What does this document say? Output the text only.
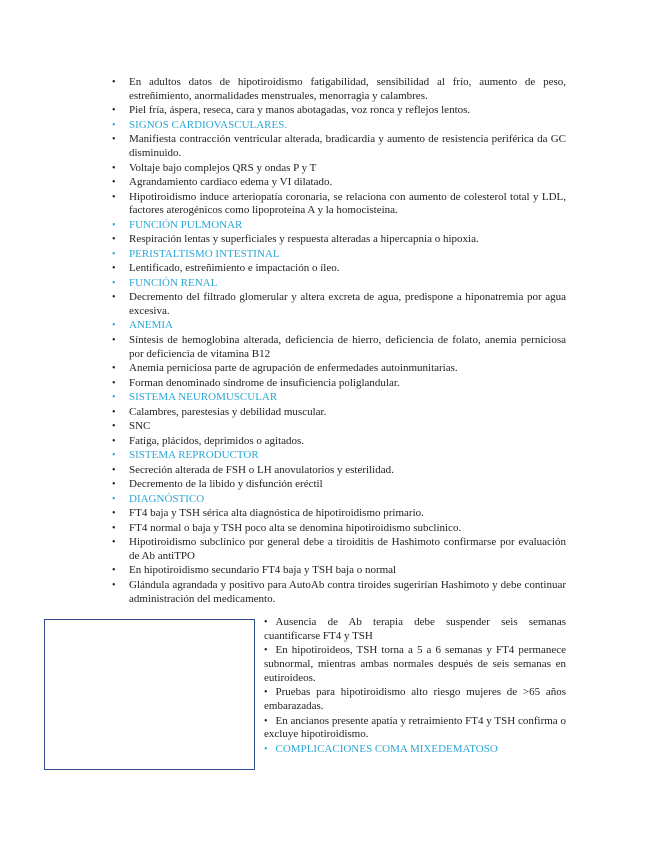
• En adultos datos de hipotiroidismo fatigabilidad, sensibilidad al frío, aumento de peso, estreñimiento, anormalidades menstruales, menorragia y calambres.
• Piel fría, áspera, reseca, cara y manos abotagadas, voz ronca y reflejos lentos.
• SIGNOS CARDIOVASCULARES.
• Manifiesta contracción ventricular alterada, bradicardia y aumento de resistencia periférica da GC disminuido.
• Voltaje bajo complejos QRS y ondas P y T
• Agrandamiento cardiaco edema y VI dilatado.
• Hipotiroidismo induce arteriopatía coronaria, se relaciona con aumento de colesterol total y LDL, factores aterogénicos como lipoproteína A y la homocisteína.
• FUNCIÓN PULMONAR
• Respiración lentas y superficiales y respuesta alteradas a hipercapnia o hipoxia.
• PERISTALTISMO INTESTINAL
• Lentificado, estreñimiento e impactación o íleo.
• FUNCIÓN RENAL
• Decremento del filtrado glomerular y altera excreta de agua, predispone a hiponatremia por agua excesiva.
• ANEMIA
• Síntesis de hemoglobina alterada, deficiencia de hierro, deficiencia de folato, anemia perniciosa por deficiencia de vitamina B12
• Anemia perniciosa parte de agrupación de enfermedades autoinmunitarias.
• Forman denominado síndrome de insuficiencia poliglandular.
• SISTEMA NEUROMUSCULAR
• Calambres, parestesias y debilidad muscular.
• SNC
• Fatiga, plácidos, deprimidos o agitados.
• SISTEMA REPRODUCTOR
• Secreción alterada de FSH o LH anovulatorios y esterilidad.
• Decremento de la libido y disfunción eréctil
• DIAGNÓSTICO
• FT4 baja y TSH sérica alta diagnóstica de hipotiroidismo primario.
• FT4 normal o baja y TSH poco alta se denomina hipotiroidismo subclínico.
• Hipotiroidismo subclínico por general debe a tiroiditis de Hashimoto confirmarse por evaluación de Ab antiTPO
• En hipotiroidismo secundario FT4 baja y TSH baja o normal
• Glándula agrandada y positivo para AutoAb contra tiroides sugerirían Hashimoto y debe continuar administración del medicamento.
• Ausencia de Ab terapia debe suspender seis semanas cuantificarse FT4 y TSH
• En hipotiroideos, TSH torna a 5 a 6 semanas y FT4 permanece subnormal, mientras ambas normales después de seis semanas en eutiroideos.
• Pruebas para hipotiroidismo alto riesgo mujeres de >65 años embarazadas.
• En ancianos presente apatía y retraimiento FT4 y TSH confirma o excluye hipotiroidismo.
• COMPLICACIONES COMA MIXEDEMATOSO
